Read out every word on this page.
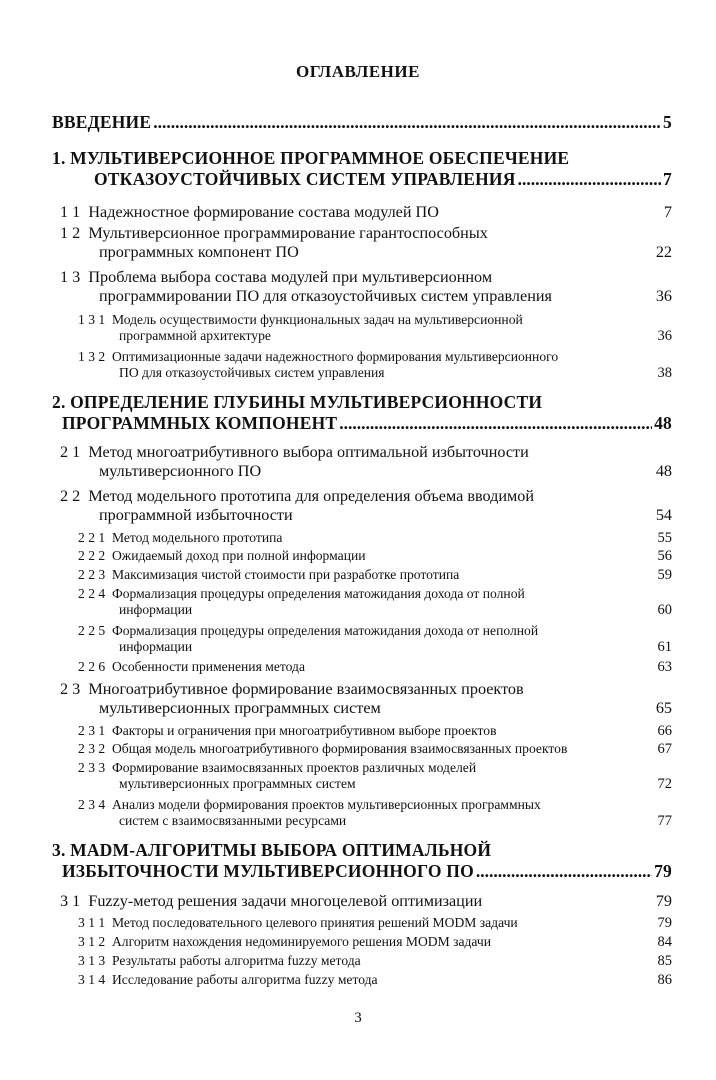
ОГЛАВЛЕНИЕ
ВВЕДЕНИЕ .....	5
1. МУЛЬТИВЕРСИОННОЕ ПРОГРАММНОЕ ОБЕСПЕЧЕНИЕ
ОТКАЗОУСТОЙЧИВЫХ СИСТЕМ УПРАВЛЕНИЯ .....	7
1 1 Надежностное формирование состава модулей ПО	7
1 2 Мультиверсионное программирование гарантоспособных
программных компонент ПО	22
1 3 Проблема выбора состава модулей при мультиверсионном
программировании ПО для отказоустойчивых систем управления	36
1 3 1 Модель осуществимости функциональных задач на мультиверсионной
программной архитектуре	36
1 3 2 Оптимизационные задачи надежностного формирования мультиверсионного
ПО для отказоустойчивых систем управления	38
2. ОПРЕДЕЛЕНИЕ ГЛУБИНЫ МУЛЬТИВЕРСИОННОСТИ
ПРОГРАММНЫХ КОМПОНЕНТ .....	48
2 1 Метод многоатрибутивного выбора оптимальной избыточности
мультиверсионного ПО	48
2 2 Метод модельного прототипа для определения объема вводимой
программной избыточности	54
2 2 1 Метод модельного прототипа	55
2 2 2 Ожидаемый доход при полной информации	56
2 2 3 Максимизация чистой стоимости при разработке прототипа	59
2 2 4 Формализация процедуры определения матожидания дохода от полной
информации	60
2 2 5 Формализация процедуры определения матожидания дохода от неполной
информации	61
2 2 6 Особенности применения метода	63
2 3 Многоатрибутивное формирование взаимосвязанных проектов
мультиверсионных программных систем	65
2 3 1 Факторы и ограничения при многоатрибутивном выборе проектов	66
2 3 2 Общая модель многоатрибутивного формирования взаимосвязанных проектов	67
2 3 3 Формирование взаимосвязанных проектов различных моделей
мультиверсионных программных систем	72
2 3 4 Анализ модели формирования проектов мультиверсионных программных
систем с взаимосвязанными ресурсами	77
3. MADM-АЛГОРИТМЫ ВЫБОРА ОПТИМАЛЬНОЙ
ИЗБЫТОЧНОСТИ МУЛЬТИВЕРСИОННОГО ПО .....	79
3 1 Fuzzy-метод решения задачи многоцелевой оптимизации	79
3 1 1 Метод последовательного целевого принятия решений MODM задачи	79
3 1 2 Алгоритм нахождения недоминируемого решения MODM задачи	84
3 1 3 Результаты работы алгоритма fuzzy метода	85
3 1 4 Исследование работы алгоритма fuzzy метода	86
3
